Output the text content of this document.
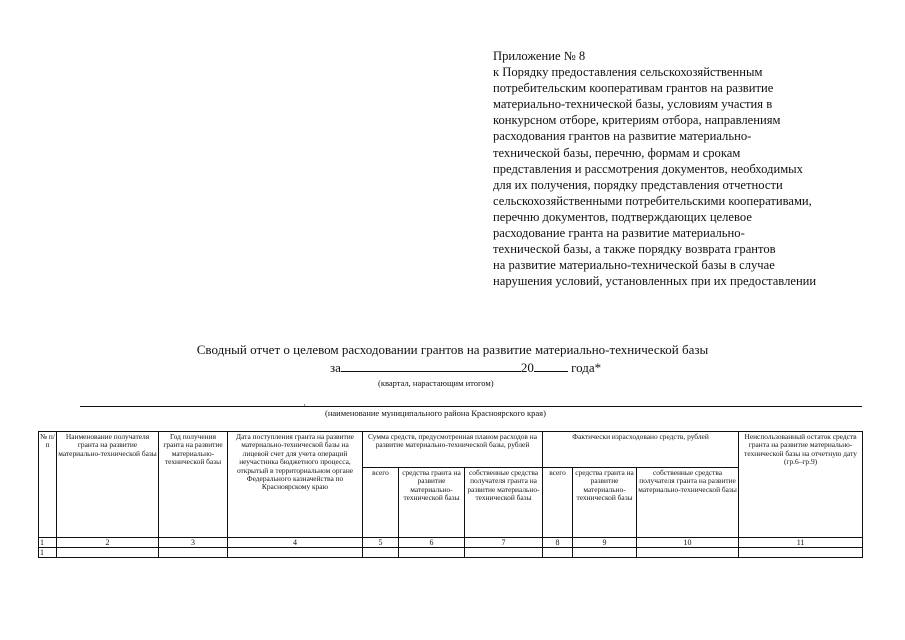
Приложение № 8
к Порядку предоставления сельскохозяйственным
потребительским кооперативам грантов на развитие
материально-технической базы, условиям участия в
конкурсном отборе, критериям отбора, направлениям
расходования грантов на развитие материально-
технической базы, перечню, формам и срокам
представления и рассмотрения документов, необходимых
для их получения, порядку представления отчетности
сельскохозяйственными потребительскими кооперативами,
перечню документов, подтверждающих целевое
расходование гранта на развитие материально-
технической базы, а также порядку возврата грантов
на развитие материально-технической базы в случае
нарушения условий, установленных при их предоставлении
Сводный отчет о целевом расходовании грантов на развитие материально-технической базы
за	20	года*
(квартал, нарастающим итогом)
·
(наименование муниципального района Красноярского края)
№ п/п	Наименование получателя гранта на развитие материально-технической базы	Год получения гранта на развитие материально-технической базы	Дата поступления гранта на развитие материально-технической базы на лицевой счет для учета операций неучастника бюджетного процесса, открытый в территориальном органе Федерального казначейства по Красноярскому краю	Сумма средств, предусмотренная планом расходов на развитие материально-технической базы, рублей			Фактически израсходовано средств, рублей			Неиспользованный остаток средств гранта на развитие материально-технической базы на отчетную дату (гр.6–гр.9)
				всего	средства гранта на развитие материально-технической базы	собственные средства получателя гранта на развитие материально-технической базы	всего	средства гранта на развитие материально-технической базы	собственные средства получателя гранта на развитие материально-технической базы	
1	2	3	4	5	6	7	8	9	10	11
1										
